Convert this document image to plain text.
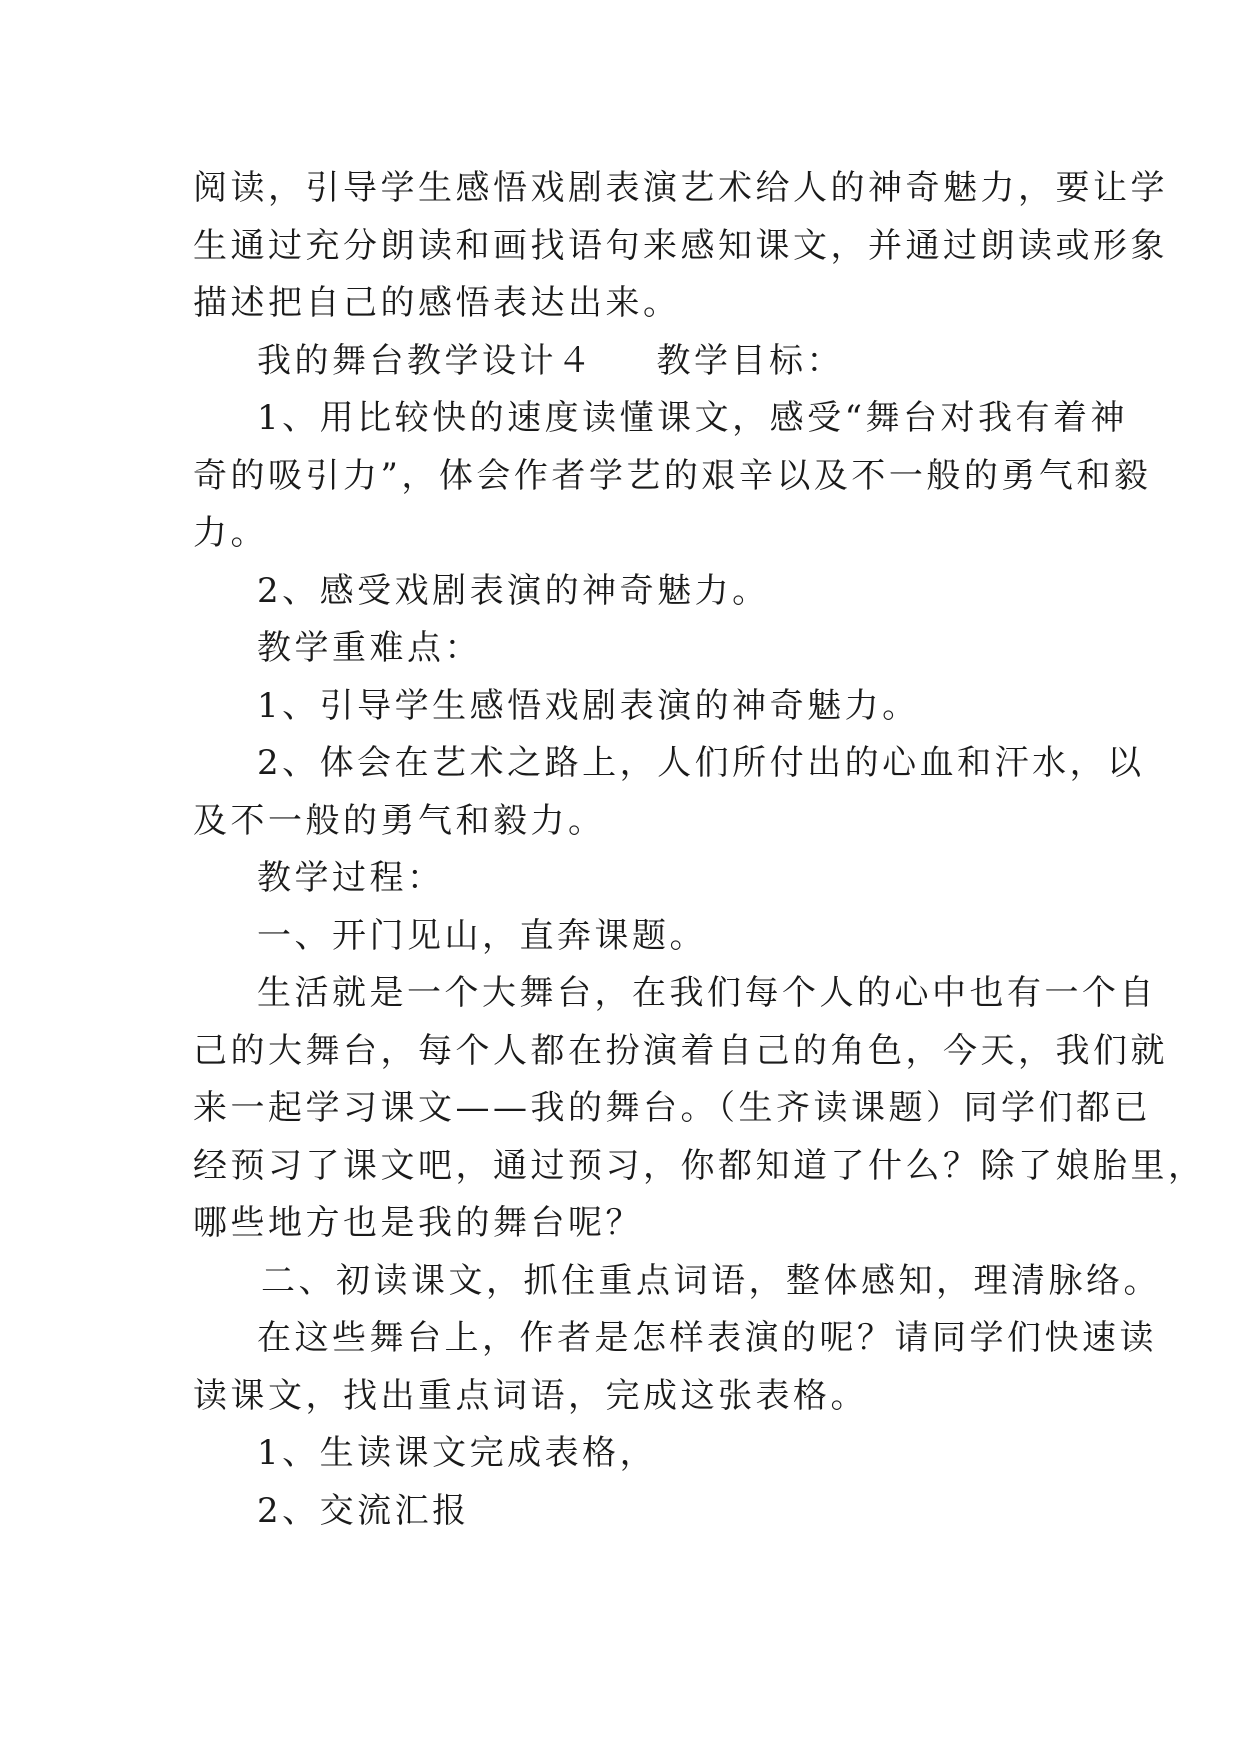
阅读，引导学生感悟戏剧表演艺术给人的神奇魅力，要让学
生通过充分朗读和画找语句来感知课文，并通过朗读或形象
描述把自己的感悟表达出来。
我的舞台教学设计４ 教学目标：
1、用比较快的速度读懂课文，感受“舞台对我有着神
奇的吸引力”，体会作者学艺的艰辛以及不一般的勇气和毅
力。
2、感受戏剧表演的神奇魅力。
教学重难点：
1、引导学生感悟戏剧表演的神奇魅力。
2、体会在艺术之路上，人们所付出的心血和汗水，以
及不一般的勇气和毅力。
教学过程：
一、开门见山，直奔课题。
生活就是一个大舞台，在我们每个人的心中也有一个自
己的大舞台，每个人都在扮演着自己的角色，今天，我们就
来一起学习课文——我的舞台。（生齐读课题）同学们都已
经预习了课文吧，通过预习，你都知道了什么？除了娘胎里，
哪些地方也是我的舞台呢？
二、初读课文，抓住重点词语，整体感知，理清脉络。
在这些舞台上，作者是怎样表演的呢？请同学们快速读
读课文，找出重点词语，完成这张表格。
1、生读课文完成表格，
2、交流汇报
